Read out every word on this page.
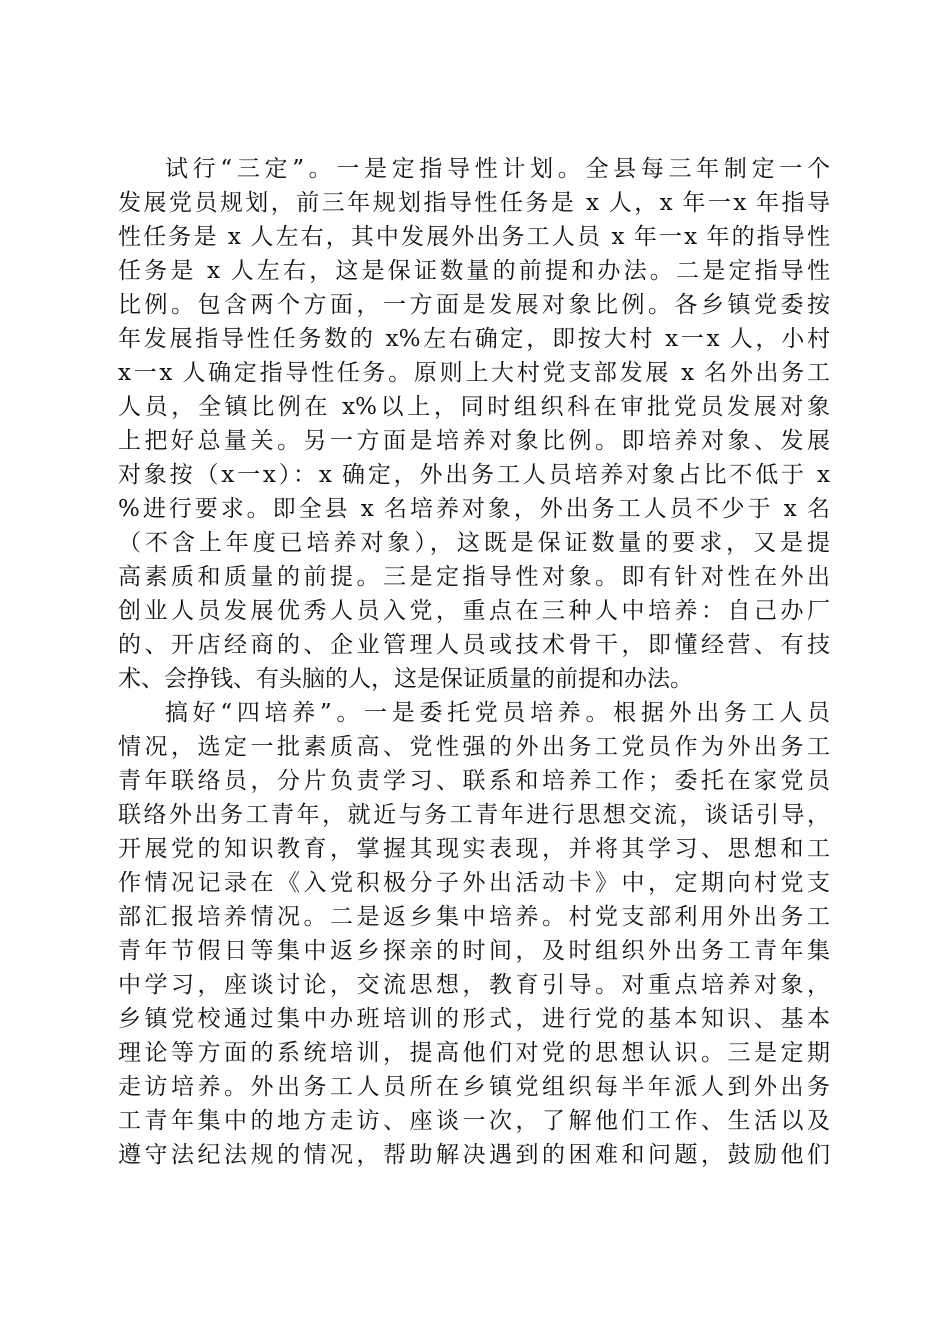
试行“三定”。一是定指导性计划。全县每三年制定一个
发展党员规划，前三年规划指导性任务是 x 人，x 年一x 年指导
性任务是 x 人左右，其中发展外出务工人员 x 年一x 年的指导性
任务是 x 人左右，这是保证数量的前提和办法。二是定指导性
比例。包含两个方面，一方面是发展对象比例。各乡镇党委按
年发展指导性任务数的 x%左右确定，即按大村 x一x 人，小村
x一x 人确定指导性任务。原则上大村党支部发展 x 名外出务工
人员，全镇比例在 x%以上，同时组织科在审批党员发展对象
上把好总量关。另一方面是培养对象比例。即培养对象、发展
对象按（x一x）：x 确定，外出务工人员培养对象占比不低于 x
%进行要求。即全县 x 名培养对象，外出务工人员不少于 x 名
（不含上年度已培养对象），这既是保证数量的要求，又是提
高素质和质量的前提。三是定指导性对象。即有针对性在外出
创业人员发展优秀人员入党，重点在三种人中培养：自己办厂
的、开店经商的、企业管理人员或技术骨干，即懂经营、有技
术、会挣钱、有头脑的人，这是保证质量的前提和办法。
搞好“四培养”。一是委托党员培养。根据外出务工人员
情况，选定一批素质高、党性强的外出务工党员作为外出务工
青年联络员，分片负责学习、联系和培养工作；委托在家党员
联络外出务工青年，就近与务工青年进行思想交流，谈话引导，
开展党的知识教育，掌握其现实表现，并将其学习、思想和工
作情况记录在《入党积极分子外出活动卡》中，定期向村党支
部汇报培养情况。二是返乡集中培养。村党支部利用外出务工
青年节假日等集中返乡探亲的时间，及时组织外出务工青年集
中学习，座谈讨论，交流思想，教育引导。对重点培养对象，
乡镇党校通过集中办班培训的形式，进行党的基本知识、基本
理论等方面的系统培训，提高他们对党的思想认识。三是定期
走访培养。外出务工人员所在乡镇党组织每半年派人到外出务
工青年集中的地方走访、座谈一次，了解他们工作、生活以及
遵守法纪法规的情况，帮助解决遇到的困难和问题，鼓励他们
